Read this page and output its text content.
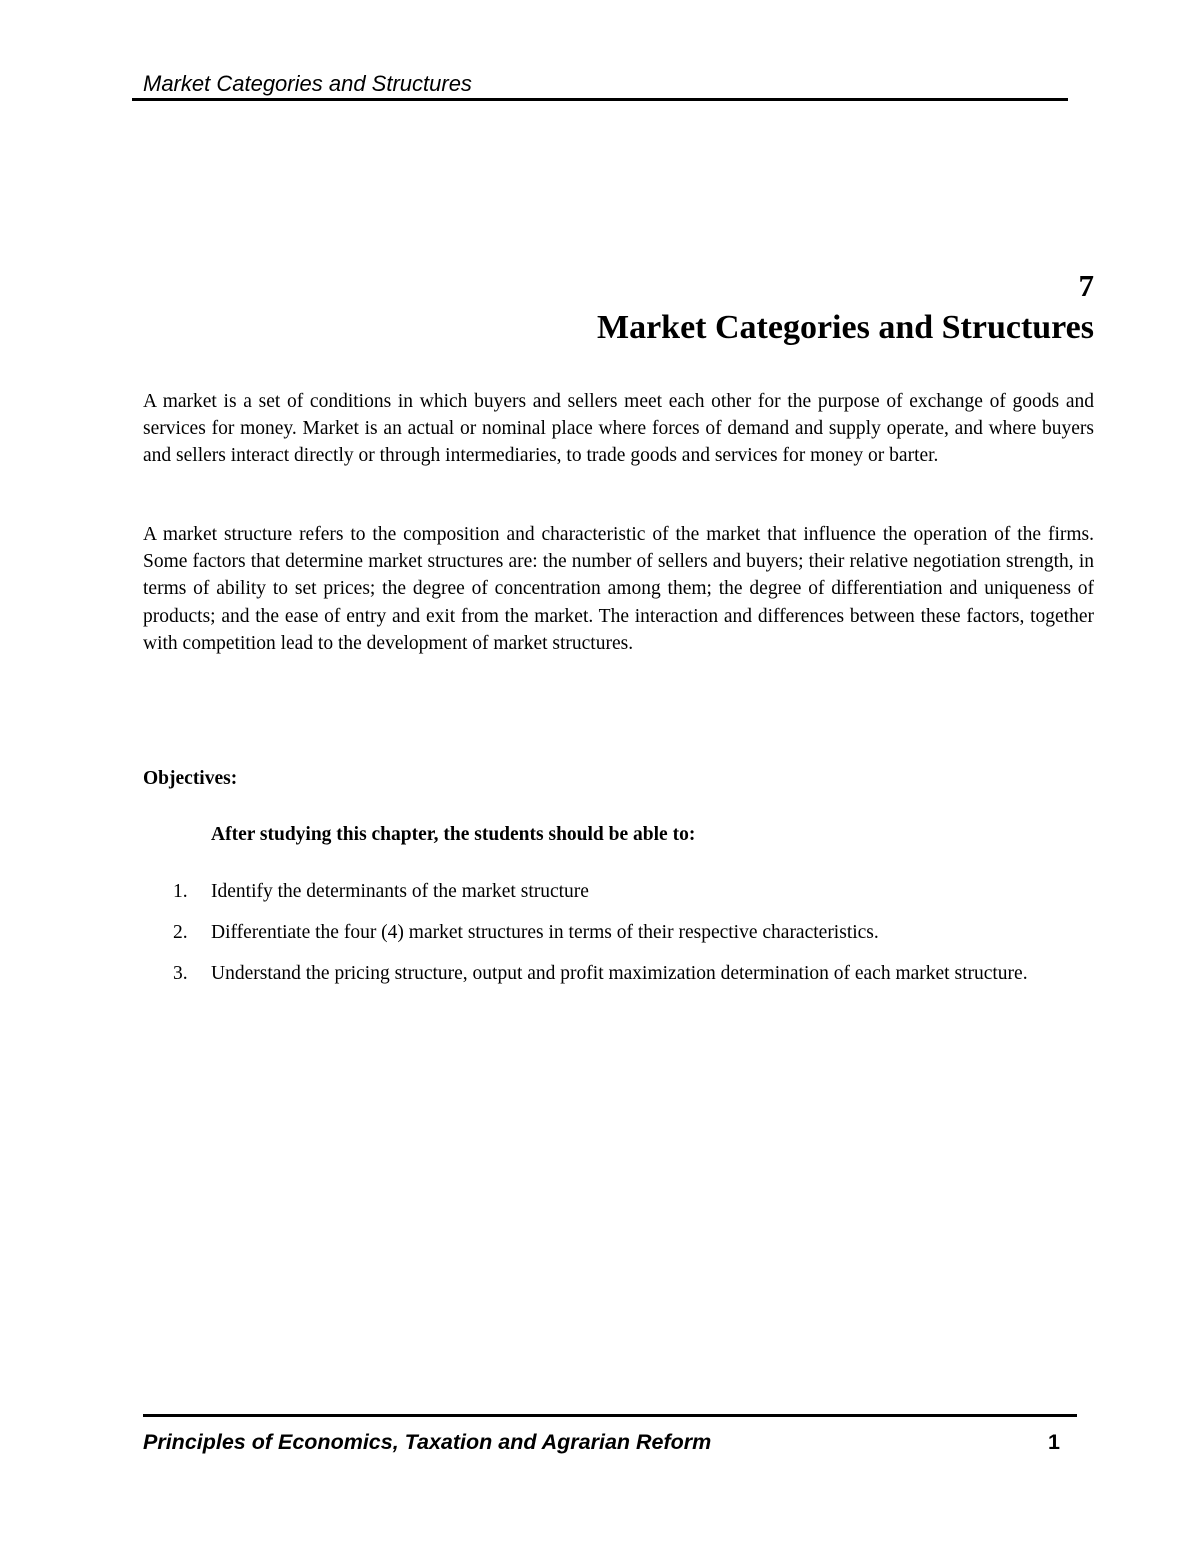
Market Categories and Structures
7
Market Categories and Structures

A market is a set of conditions in which buyers and sellers meet each other for the purpose of exchange of goods and services for money. Market is an actual or nominal place where forces of demand and supply operate, and where buyers and sellers interact directly or through intermediaries, to trade goods and services for money or barter.

A market structure refers to the composition and characteristic of the market that influence the operation of the firms. Some factors that determine market structures are: the number of sellers and buyers; their relative negotiation strength, in terms of ability to set prices; the degree of concentration among them; the degree of differentiation and uniqueness of products; and the ease of entry and exit from the market. The interaction and differences between these factors, together with competition lead to the development of market structures.

Objectives:
After studying this chapter, the students should be able to:
1. Identify the determinants of the market structure
2. Differentiate the four (4) market structures in terms of their respective characteristics.
3. Understand the pricing structure, output and profit maximization determination of each market structure.
Principles of Economics, Taxation and Agrarian Reform	1
